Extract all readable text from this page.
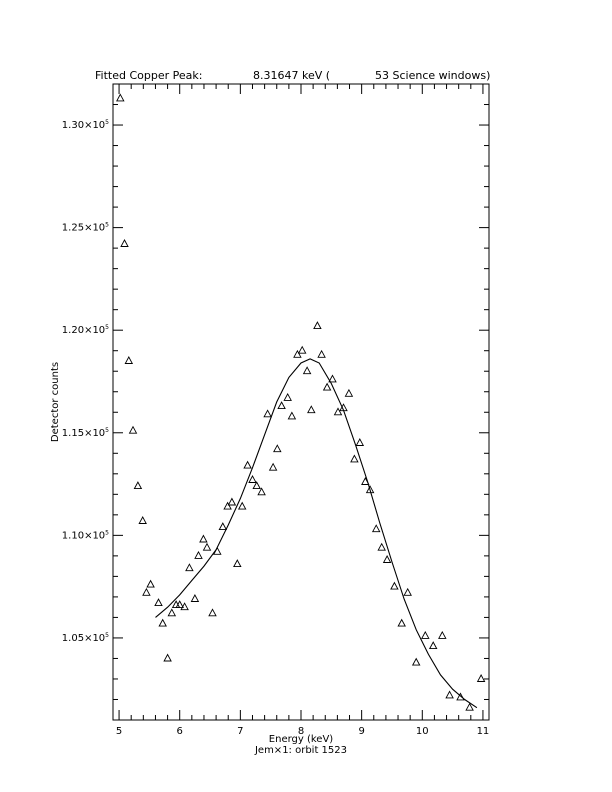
Fitted Copper Peak:	8.31647 keV (	53 Science windows)
5	6	7	8	9	10	11
$1.05\times 10^5$
$1.10\times 10^5$
$1.15\times 10^5$
$1.20\times 10^5$
$1.25\times 10^5$
$1.30\times 10^5$
Energy (keV)
Jem×1: orbit 1523
Detector counts
